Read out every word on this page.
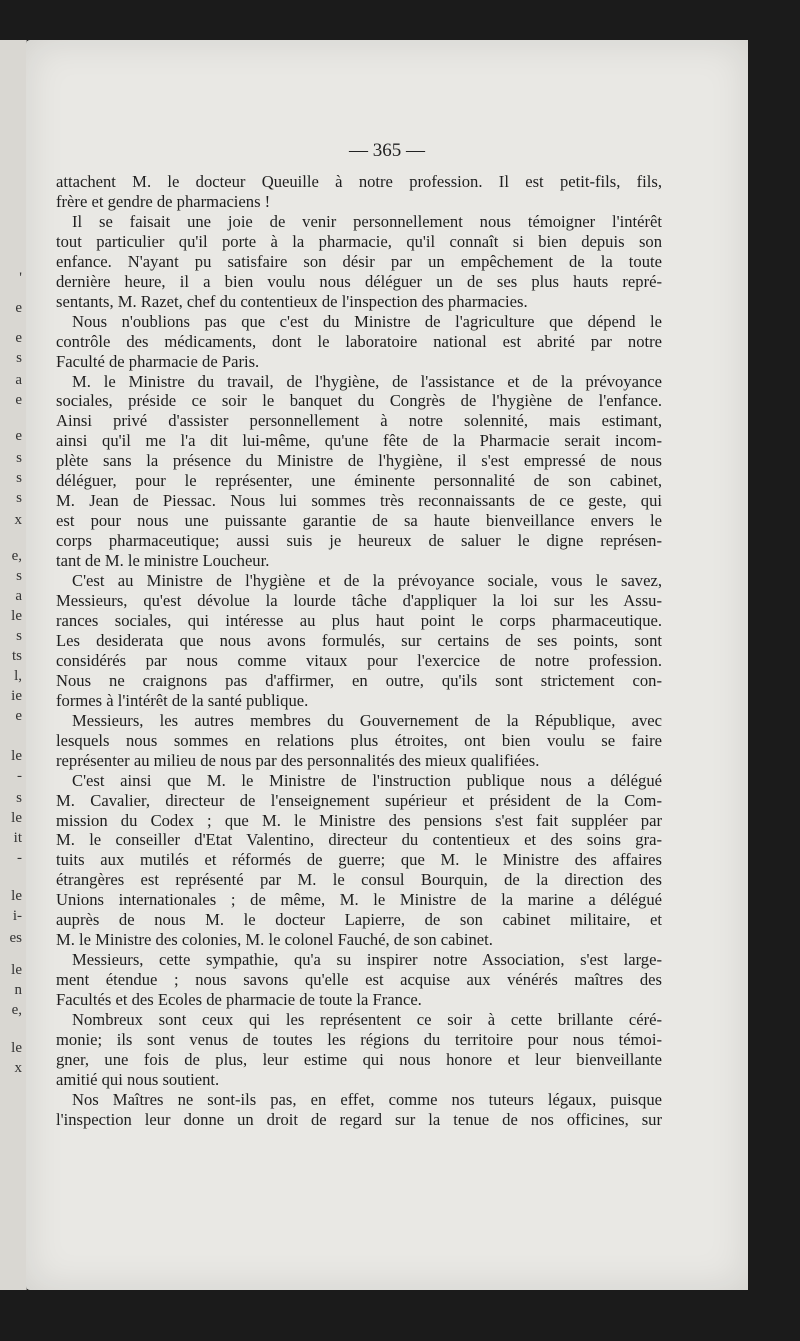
'
e
e
s
a
e
e
s
s
s
x
e,
s
a
le
s
ts
l,
ie
e
le
-
s
le
it
-
le
i-
es
le
n
e,
le
x
— 365 —
attachent M. le docteur Queuille à notre profession. Il est petit-fils, fils,
frère et gendre de pharmaciens !
Il se faisait une joie de venir personnellement nous témoigner l'intérêt
tout particulier qu'il porte à la pharmacie, qu'il connaît si bien depuis son
enfance. N'ayant pu satisfaire son désir par un empêchement de la toute
dernière heure, il a bien voulu nous déléguer un de ses plus hauts repré-
sentants, M. Razet, chef du contentieux de l'inspection des pharmacies.
Nous n'oublions pas que c'est du Ministre de l'agriculture que dépend le
contrôle des médicaments, dont le laboratoire national est abrité par notre
Faculté de pharmacie de Paris.
M. le Ministre du travail, de l'hygiène, de l'assistance et de la prévoyance
sociales, préside ce soir le banquet du Congrès de l'hygiène de l'enfance.
Ainsi privé d'assister personnellement à notre solennité, mais estimant,
ainsi qu'il me l'a dit lui-même, qu'une fête de la Pharmacie serait incom-
plète sans la présence du Ministre de l'hygiène, il s'est empressé de nous
déléguer, pour le représenter, une éminente personnalité de son cabinet,
M. Jean de Piessac. Nous lui sommes très reconnaissants de ce geste, qui
est pour nous une puissante garantie de sa haute bienveillance envers le
corps pharmaceutique; aussi suis je heureux de saluer le digne représen-
tant de M. le ministre Loucheur.
C'est au Ministre de l'hygiène et de la prévoyance sociale, vous le savez,
Messieurs, qu'est dévolue la lourde tâche d'appliquer la loi sur les Assu-
rances sociales, qui intéresse au plus haut point le corps pharmaceutique.
Les desiderata que nous avons formulés, sur certains de ses points, sont
considérés par nous comme vitaux pour l'exercice de notre profession.
Nous ne craignons pas d'affirmer, en outre, qu'ils sont strictement con-
formes à l'intérêt de la santé publique.
Messieurs, les autres membres du Gouvernement de la République, avec
lesquels nous sommes en relations plus étroites, ont bien voulu se faire
représenter au milieu de nous par des personnalités des mieux qualifiées.
C'est ainsi que M. le Ministre de l'instruction publique nous a délégué
M. Cavalier, directeur de l'enseignement supérieur et président de la Com-
mission du Codex ; que M. le Ministre des pensions s'est fait suppléer par
M. le conseiller d'Etat Valentino, directeur du contentieux et des soins gra-
tuits aux mutilés et réformés de guerre; que M. le Ministre des affaires
étrangères est représenté par M. le consul Bourquin, de la direction des
Unions internationales ; de même, M. le Ministre de la marine a délégué
auprès de nous M. le docteur Lapierre, de son cabinet militaire, et
M. le Ministre des colonies, M. le colonel Fauché, de son cabinet.
Messieurs, cette sympathie, qu'a su inspirer notre Association, s'est large-
ment étendue ; nous savons qu'elle est acquise aux vénérés maîtres des
Facultés et des Ecoles de pharmacie de toute la France.
Nombreux sont ceux qui les représentent ce soir à cette brillante céré-
monie; ils sont venus de toutes les régions du territoire pour nous témoi-
gner, une fois de plus, leur estime qui nous honore et leur bienveillante
amitié qui nous soutient.
Nos Maîtres ne sont-ils pas, en effet, comme nos tuteurs légaux, puisque
l'inspection leur donne un droit de regard sur la tenue de nos officines, sur
